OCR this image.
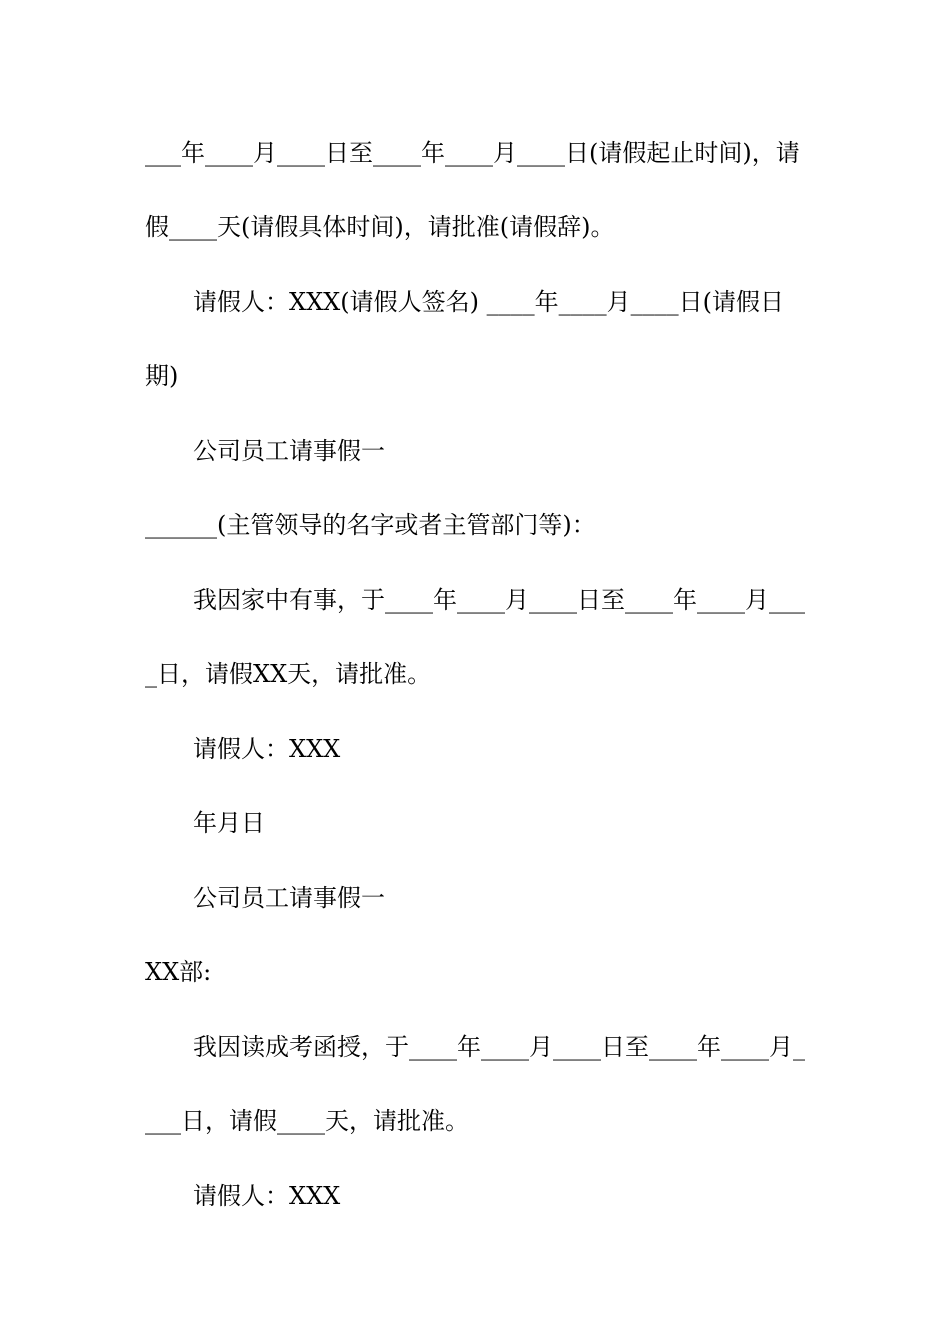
___年____月____日至____年____月____日(请假起止时间)，请
假____天(请假具体时间)，请批准(请假辞)。
请假人：XXX(请假人签名) ____年____月____日(请假日
期)
公司员工请事假一
______(主管领导的名字或者主管部门等)：
我因家中有事，于____年____月____日至____年____月___
_日，请假XX天，请批准。
请假人：XXX
年月日
公司员工请事假一
XX部:
我因读成考函授，于____年____月____日至____年____月_
___日，请假____天，请批准。
请假人：XXX
